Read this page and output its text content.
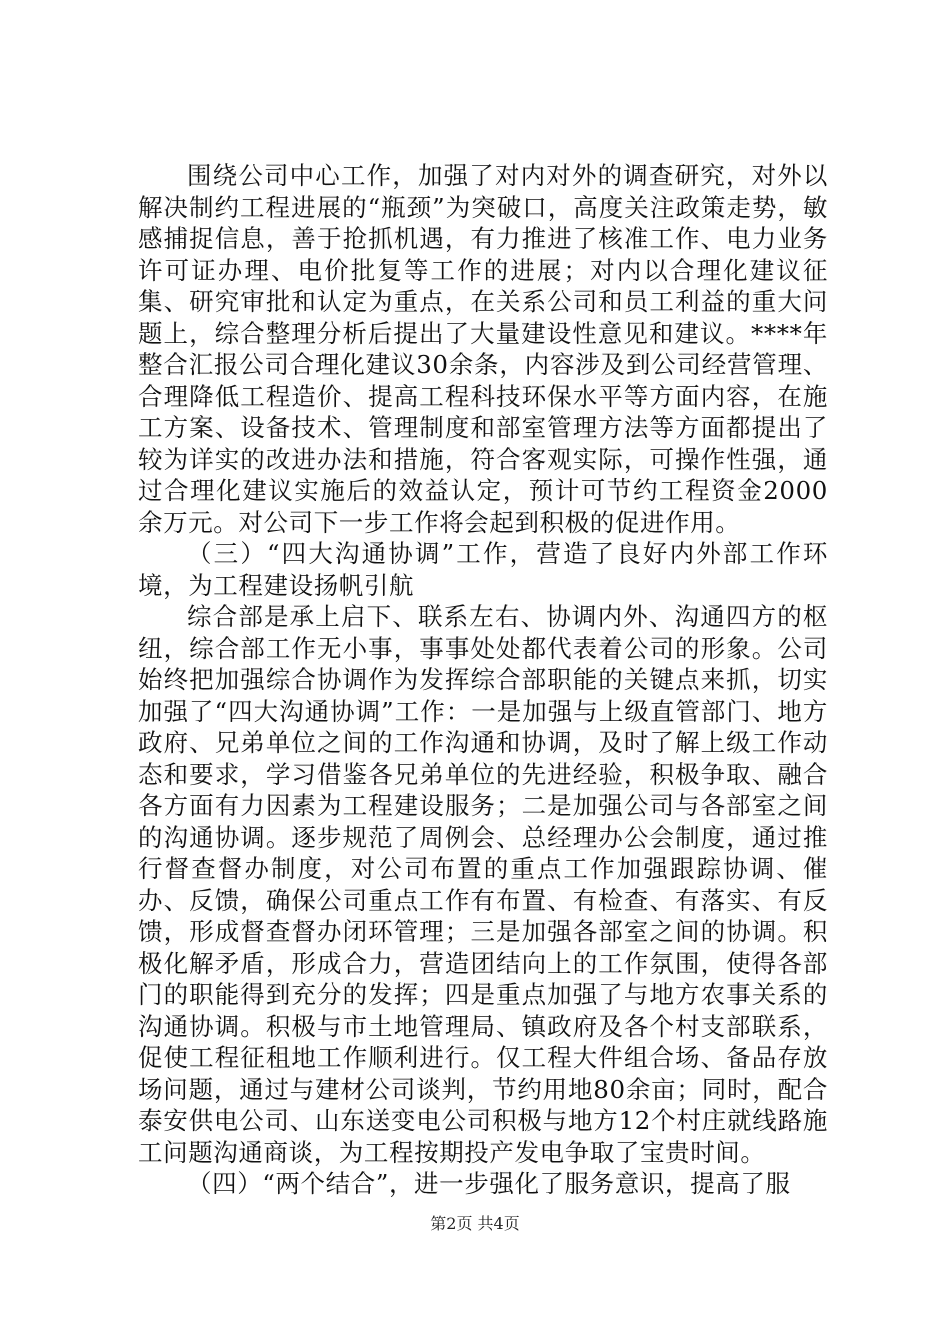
围绕公司中心工作，加强了对内对外的调查研究，对外以解决制约工程进展的“瓶颈”为突破口，高度关注政策走势，敏感捕捉信息，善于抢抓机遇，有力推进了核准工作、电力业务许可证办理、电价批复等工作的进展；对内以合理化建议征集、研究审批和认定为重点，在关系公司和员工利益的重大问题上，综合整理分析后提出了大量建设性意见和建议。****年整合汇报公司合理化建议30余条，内容涉及到公司经营管理、合理降低工程造价、提高工程科技环保水平等方面内容，在施工方案、设备技术、管理制度和部室管理方法等方面都提出了较为详实的改进办法和措施，符合客观实际，可操作性强，通过合理化建议实施后的效益认定，预计可节约工程资金2000余万元。对公司下一步工作将会起到积极的促进作用。

（三）“四大沟通协调”工作，营造了良好内外部工作环境，为工程建设扬帆引航

综合部是承上启下、联系左右、协调内外、沟通四方的枢纽，综合部工作无小事，事事处处都代表着公司的形象。公司始终把加强综合协调作为发挥综合部职能的关键点来抓，切实加强了“四大沟通协调”工作：一是加强与上级直管部门、地方政府、兄弟单位之间的工作沟通和协调，及时了解上级工作动态和要求，学习借鉴各兄弟单位的先进经验，积极争取、融合各方面有力因素为工程建设服务；二是加强公司与各部室之间的沟通协调。逐步规范了周例会、总经理办公会制度，通过推行督查督办制度，对公司布置的重点工作加强跟踪协调、催办、反馈，确保公司重点工作有布置、有检查、有落实、有反馈，形成督查督办闭环管理；三是加强各部室之间的协调。积极化解矛盾，形成合力，营造团结向上的工作氛围，使得各部门的职能得到充分的发挥；四是重点加强了与地方农事关系的沟通协调。积极与市土地管理局、镇政府及各个村支部联系，促使工程征租地工作顺利进行。仅工程大件组合场、备品存放场问题，通过与建材公司谈判，节约用地80余亩；同时，配合泰安供电公司、山东送变电公司积极与地方12个村庄就线路施工问题沟通商谈，为工程按期投产发电争取了宝贵时间。

（四）“两个结合”，进一步强化了服务意识，提高了服

第2页 共4页
